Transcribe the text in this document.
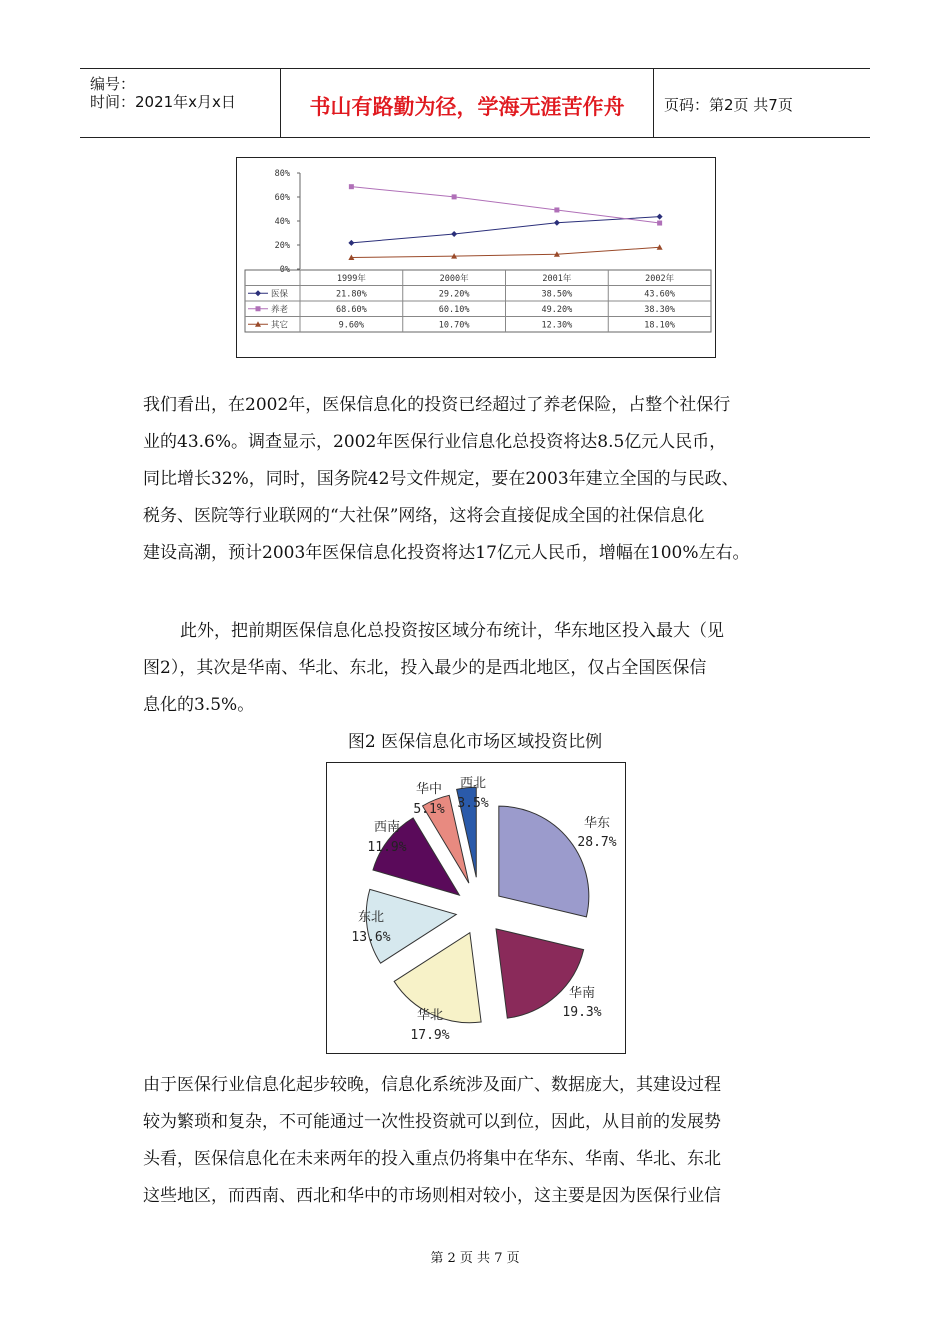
编号：
时间：2021年x月x日	书山有路勤为径，学海无涯苦作舟	页码：第2页 共7页
80%
60%
40%
20%
0%
1999年	2000年	2001年	2002年
医保	21.80%	29.20%	38.50%	43.60%
养老	68.60%	60.10%	49.20%	38.30%
其它	9.60%	10.70%	12.30%	18.10%
我们看出，在2002年，医保信息化的投资已经超过了养老保险，占整个社保行
业的43.6%。调查显示，2002年医保行业信息化总投资将达8.5亿元人民币，
同比增长32%，同时，国务院42号文件规定，要在2003年建立全国的与民政、
税务、医院等行业联网的“大社保”网络，这将会直接促成全国的社保信息化
建设高潮，预计2003年医保信息化投资将达17亿元人民币，增幅在100%左右。
此外，把前期医保信息化总投资按区域分布统计，华东地区投入最大（见
图2），其次是华南、华北、东北，投入最少的是西北地区，仅占全国医保信
息化的3.5%。
图2 医保信息化市场区域投资比例
华东
28.7%
华南
19.3%
华北
17.9%
东北
13.6%
西南
11.9%
华中
5.1%
西北
3.5%
由于医保行业信息化起步较晚，信息化系统涉及面广、数据庞大，其建设过程
较为繁琐和复杂，不可能通过一次性投资就可以到位，因此，从目前的发展势
头看，医保信息化在未来两年的投入重点仍将集中在华东、华南、华北、东北
这些地区，而西南、西北和华中的市场则相对较小，这主要是因为医保行业信
第 2 页 共 7 页
